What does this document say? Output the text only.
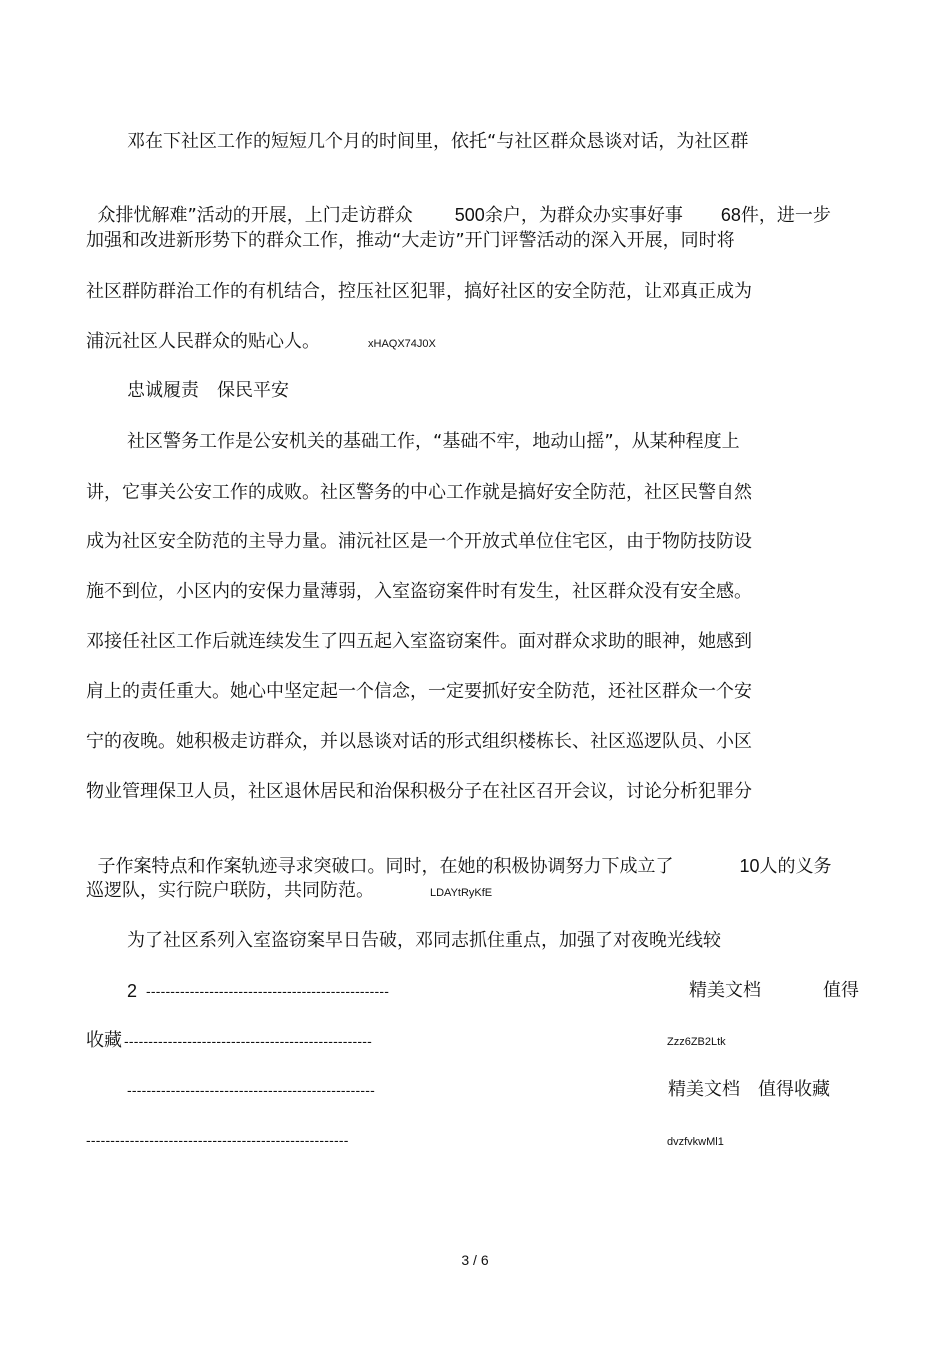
邓在下社区工作的短短几个月的时间里，依托“与社区群众恳谈对话，为社区群

众排忧解难”活动的开展，上门走访群众 500余户，为群众办实事好事 68件，进一步

加强和改进新形势下的群众工作，推动“大走访”开门评警活动的深入开展，同时将
社区群防群治工作的有机结合，控压社区犯罪，搞好社区的安全防范，让邓真正成为
浦沅社区人民群众的贴心人。	xHAQX74J0X
忠诚履责　保民平安
社区警务工作是公安机关的基础工作，“基础不牢，地动山摇”，从某种程度上
讲，它事关公安工作的成败。社区警务的中心工作就是搞好安全防范，社区民警自然
成为社区安全防范的主导力量。浦沅社区是一个开放式单位住宅区，由于物防技防设
施不到位，小区内的安保力量薄弱，入室盗窃案件时有发生，社区群众没有安全感。
邓接任社区工作后就连续发生了四五起入室盗窃案件。面对群众求助的眼神，她感到
肩上的责任重大。她心中坚定起一个信念，一定要抓好安全防范，还社区群众一个安
宁的夜晚。她积极走访群众，并以恳谈对话的形式组织楼栋长、社区巡逻队员、小区
物业管理保卫人员，社区退休居民和治保积极分子在社区召开会议，讨论分析犯罪分

子作案特点和作案轨迹寻求突破口。同时，在她的积极协调努力下成立了	10人的义务

巡逻队，实行院户联防，共同防范。	LDAYtRyKfE
为了社区系列入室盗窃案早日告破，邓同志抓住重点，加强了对夜晚光线较
2 --------------------------------------------------	精美文档	值得
收藏 ---------------------------------------------------	Zzz6ZB2Ltk
---------------------------------------------------	精美文档　值得收藏
------------------------------------------------------	dvzfvkwMl1
3 / 6
